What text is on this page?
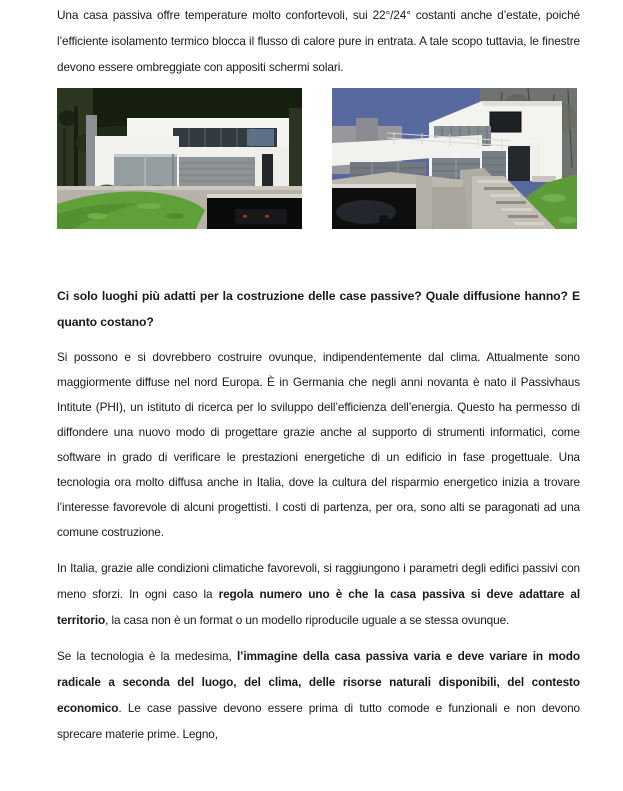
Una casa passiva offre temperature molto confortevoli, sui 22°/24° costanti anche d’estate, poiché l’efficiente isolamento termico blocca il flusso di calore pure in entrata. A tale scopo tuttavia, le finestre devono essere ombreggiate con appositi schermi solari.

Ci solo luoghi più adatti per la costruzione delle case passive? Quale diffusione hanno? E quanto costano?

Si possono e si dovrebbero costruire ovunque, indipendentemente dal clima. Attualmente sono maggiormente diffuse nel nord Europa. È in Germania che negli anni novanta è nato il Passivhaus Intitute (PHI), un istituto di ricerca per lo sviluppo dell’efficienza dell’energia. Questo ha permesso di diffondere una nuovo modo di progettare grazie anche al supporto di strumenti informatici, come software in grado di verificare le prestazioni energetiche di un edificio in fase progettuale. Una tecnologia ora molto diffusa anche in Italia, dove la cultura del risparmio energetico inizia a trovare l’interesse favorevole di alcuni progettisti. I costi di partenza, per ora, sono alti se paragonati ad una comune costruzione.

In Italia, grazie alle condizioni climatiche favorevoli, si raggiungono i parametri degli edifici passivi con meno sforzi. In ogni caso la regola numero uno è che la casa passiva si deve adattare al territorio, la casa non è un format o un modello riproducile uguale a se stessa ovunque.

Se la tecnologia è la medesima, l’immagine della casa passiva varia e deve variare in modo radicale a seconda del luogo, del clima, delle risorse naturali disponibili, del contesto economico. Le case passive devono essere prima di tutto comode e funzionali e non devono sprecare materie prime. Legno,
